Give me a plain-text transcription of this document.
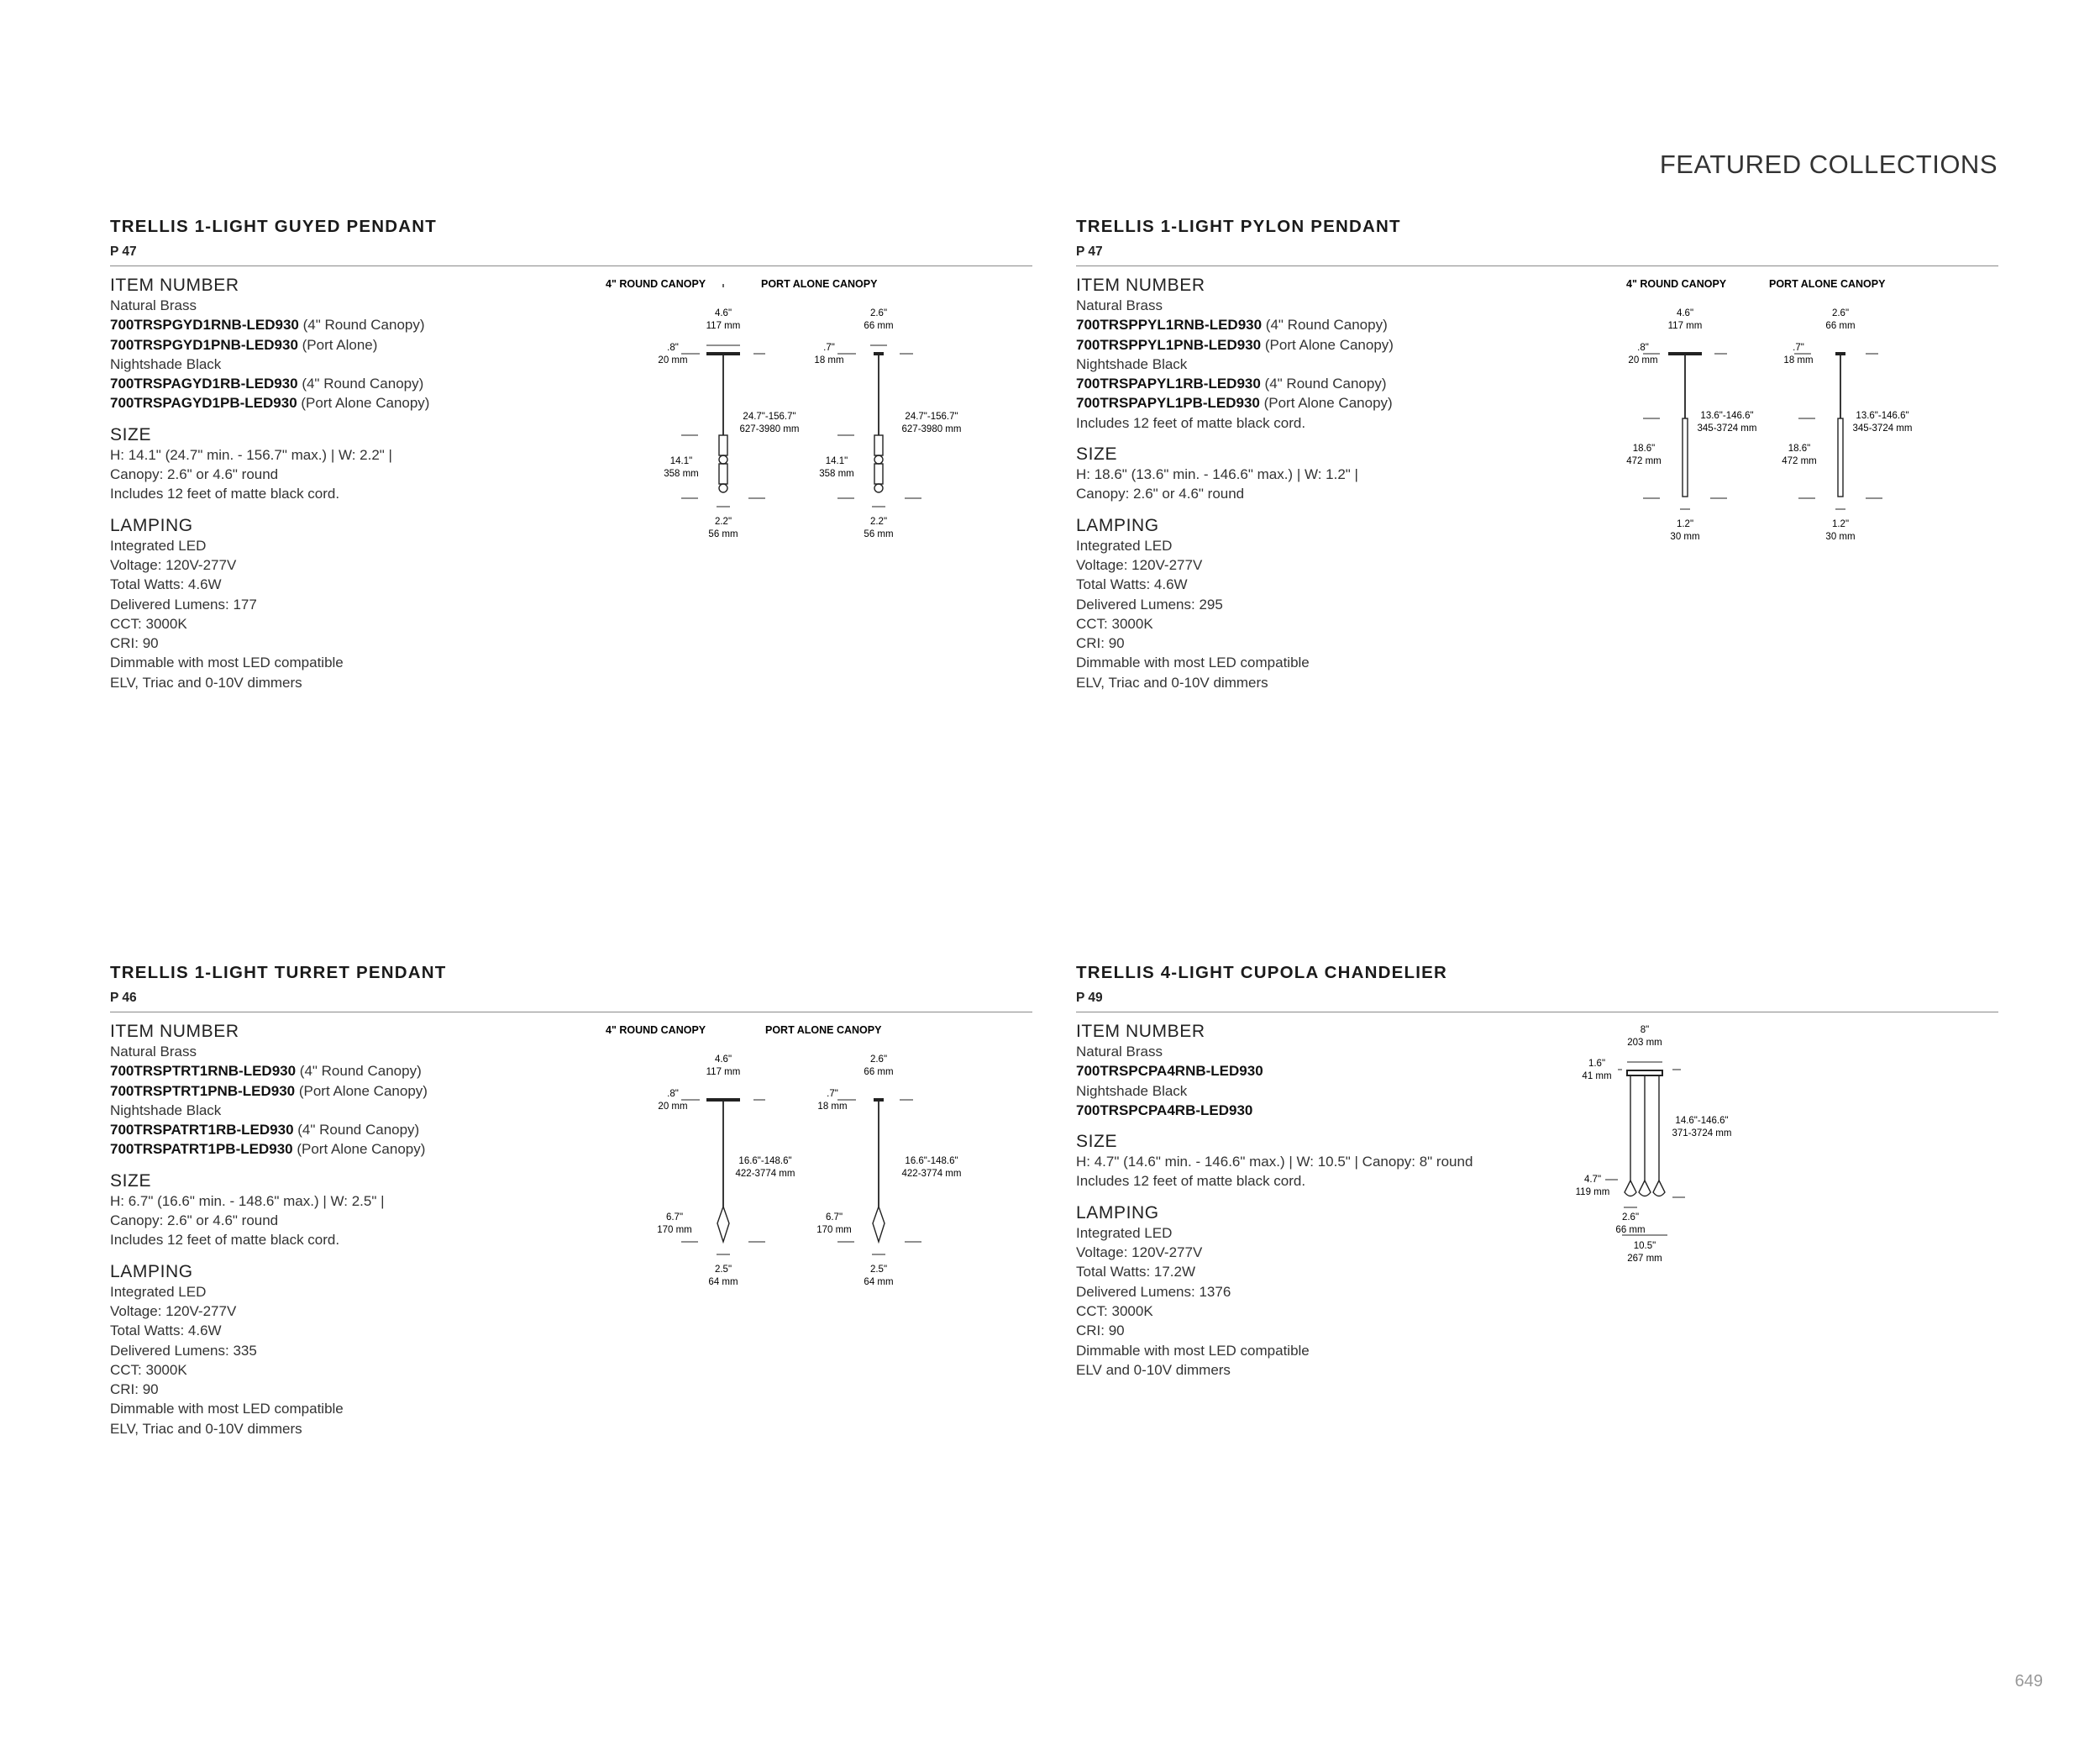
FEATURED COLLECTIONS
TRELLIS 1-LIGHT GUYED PENDANT
P 47
ITEM NUMBER
Natural Brass
700TRSPGYD1RNB-LED930 (4" Round Canopy)
700TRSPGYD1PNB-LED930 (Port Alone)
Nightshade Black
700TRSPAGYD1RB-LED930 (4" Round Canopy)
700TRSPAGYD1PB-LED930 (Port Alone Canopy)
SIZE
H: 14.1" (24.7" min. - 156.7" max.) | W: 2.2" |
Canopy: 2.6" or 4.6" round
Includes 12 feet of matte black cord.
LAMPING
Integrated LED
Voltage: 120V-277V
Total Watts: 4.6W
Delivered Lumens: 177
CCT: 3000K
CRI: 90
Dimmable with most LED compatible
ELV, Triac and 0-10V dimmers
4" ROUND CANOPY	PORT ALONE CANOPY
4.6"
117 mm
.8"
20 mm
24.7"-156.7"
627-3980 mm
14.1"
358 mm
2.2"
56 mm
2.6"
66 mm
.7"
18 mm
24.7"-156.7"
627-3980 mm
14.1"
358 mm
2.2"
56 mm
TRELLIS 1-LIGHT PYLON PENDANT
P 47
ITEM NUMBER
Natural Brass
700TRSPPYL1RNB-LED930 (4" Round Canopy)
700TRSPPYL1PNB-LED930 (Port Alone Canopy)
Nightshade Black
700TRSPAPYL1RB-LED930 (4" Round Canopy)
700TRSPAPYL1PB-LED930 (Port Alone Canopy)
Includes 12 feet of matte black cord.
SIZE
H: 18.6" (13.6" min. - 146.6" max.) | W: 1.2" |
Canopy: 2.6" or 4.6" round
LAMPING
Integrated LED
Voltage: 120V-277V
Total Watts: 4.6W
Delivered Lumens: 295
CCT: 3000K
CRI: 90
Dimmable with most LED compatible
ELV, Triac and 0-10V dimmers
4" ROUND CANOPY	PORT ALONE CANOPY
4.6"
117 mm
.8"
20 mm
13.6"-146.6"
345-3724 mm
18.6"
472 mm
1.2"
30 mm
2.6"
66 mm
.7"
18 mm
13.6"-146.6"
345-3724 mm
18.6"
472 mm
1.2"
30 mm
TRELLIS 1-LIGHT TURRET PENDANT
P 46
ITEM NUMBER
Natural Brass
700TRSPTRT1RNB-LED930 (4" Round Canopy)
700TRSPTRT1PNB-LED930 (Port Alone Canopy)
Nightshade Black
700TRSPATRT1RB-LED930 (4" Round Canopy)
700TRSPATRT1PB-LED930 (Port Alone Canopy)
SIZE
H: 6.7" (16.6" min. - 148.6" max.) | W: 2.5" |
Canopy: 2.6" or 4.6" round
Includes 12 feet of matte black cord.
LAMPING
Integrated LED
Voltage: 120V-277V
Total Watts: 4.6W
Delivered Lumens: 335
CCT: 3000K
CRI: 90
Dimmable with most LED compatible
ELV, Triac and 0-10V dimmers
4" ROUND CANOPY	PORT ALONE CANOPY
4.6"
117 mm
.8"
20 mm
16.6"-148.6"
422-3774 mm
6.7"
170 mm
2.5"
64 mm
2.6"
66 mm
.7"
18 mm
16.6"-148.6"
422-3774 mm
6.7"
170 mm
2.5"
64 mm
TRELLIS 4-LIGHT CUPOLA CHANDELIER
P 49
ITEM NUMBER
Natural Brass
700TRSPCPA4RNB-LED930
Nightshade Black
700TRSPCPA4RB-LED930
SIZE
H: 4.7" (14.6" min. - 146.6" max.) | W: 10.5" | Canopy: 8" round
Includes 12 feet of matte black cord.
LAMPING
Integrated LED
Voltage: 120V-277V
Total Watts: 17.2W
Delivered Lumens: 1376
CCT: 3000K
CRI: 90
Dimmable with most LED compatible
ELV and 0-10V dimmers
8"
203 mm
1.6"
41 mm
14.6"-146.6"
371-3724 mm
4.7"
119 mm
2.6"
66 mm
10.5"
267 mm
649
